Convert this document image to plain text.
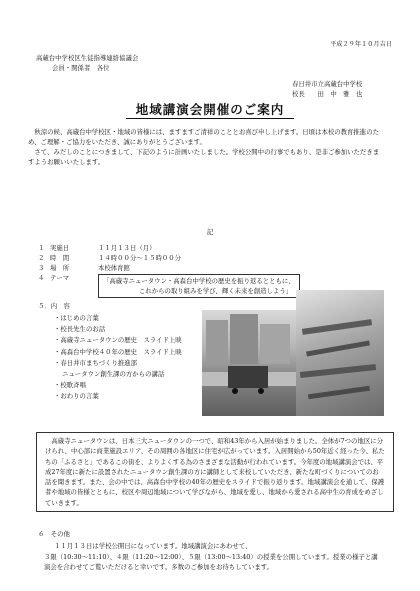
平成２９年１０月吉日
高蔵台中学校区生徒指導連絡協議会
会員・関係者　各位
春日井市立高蔵台中学校
校長　　田　中　雅　也
地域講演会開催のご案内

秋涼の候、高蔵台中学校区・地域の皆様には、ますますご清祥のこととお喜び申し上げます。日頃は本校の教育推進のため、ご理解・ご協力をいただき、誠にありがとうございます。

さて、みだしのことにつきまして、下記のように計画いたしました。学校公開中の行事でもあり、是非ご参加いただきますようお願いいたします。

記
１ 実施日	１１月１３日（月）
２ 時　間	１４時００分～１５時００分
３ 場　所	本校体育館
４ テーマ	「高蔵寺ニュータウン・高森台中学校の歴史を振り返るとともに、
これからの取り組みを学び、輝く未来を創造しよう」
５．内　容
・はじめの言葉
・校長先生のお話
・高蔵寺ニュータウンの歴史　スライド上映
・高森台中学校４０年の歴史　スライド上映
・春日井市まちづくり推進部
ニュータウン創生課の方からの講話
・校歌斉唱
・おわりの言葉
高蔵寺ニュータウンは、日本三大ニュータウンの一つで、昭和43年から入居が始まりました。全体が7つの地区に分けられ、中心部に商業施設エリア、その周囲の各地区に住宅が広がっています。入居開始から50年近く経った今、私たちの「ふるさと」であるこの街を、よりよくする為のさまざまな活動が行われています。今年度の地域講演会では、平成27年度に新たに設置されたニュータウン創生課の方に講師として来校していただき、新たな町づくりについてのお話を聞きます。また、会の中では、高森台中学校の40年の歴史をスライドで振り返ります。地域講演会を通して、保護者や地域の皆様とともに、校区や周辺地域について学びながら、地域を愛し、地域から愛される高中生の育成をめざしていきます。
６　その他

１１月１３日は学校公開日になっています。地域講演会にあわせて、

３限（10:30～11:10）、４限（11:20～12:00）、５限（13:00～13:40）の授業を公開しています。授業の様子と講演会を合わせてご覧いただけると幸いです。多数のご参加をお待ちしています。
